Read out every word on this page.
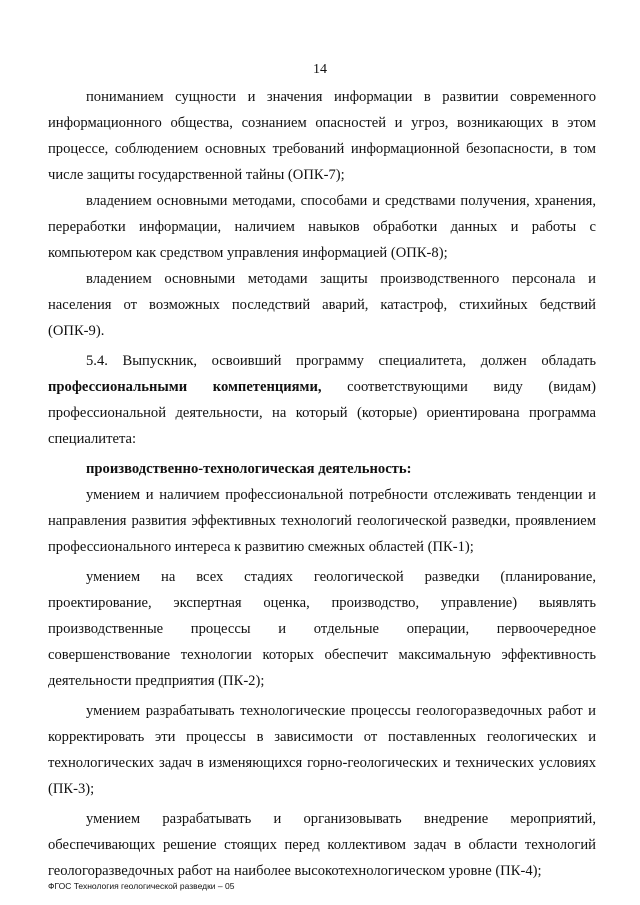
14

пониманием сущности и значения информации в развитии современного информационного общества, сознанием опасностей и угроз, возникающих в этом процессе, соблюдением основных требований информационной безопасности, в том числе защиты государственной тайны (ОПК-7);

владением основными методами, способами и средствами получения, хранения, переработки информации, наличием навыков обработки данных и работы с компьютером как средством управления информацией (ОПК-8);

владением основными методами защиты производственного персонала и населения от возможных последствий аварий, катастроф, стихийных бедствий (ОПК-9).

5.4. Выпускник, освоивший программу специалитета, должен обладать профессиональными компетенциями, соответствующими виду (видам) профессиональной деятельности, на который (которые) ориентирована программа специалитета:

производственно-технологическая деятельность:

умением и наличием профессиональной потребности отслеживать тенденции и направления развития эффективных технологий геологической разведки, проявлением профессионального интереса к развитию смежных областей (ПК-1);

умением на всех стадиях геологической разведки (планирование, проектирование, экспертная оценка, производство, управление) выявлять производственные процессы и отдельные операции, первоочередное совершенствование технологии которых обеспечит максимальную эффективность деятельности предприятия (ПК-2);

умением разрабатывать технологические процессы геологоразведочных работ и корректировать эти процессы в зависимости от поставленных геологических и технологических задач в изменяющихся горно-геологических и технических условиях (ПК-3);

умением разрабатывать и организовывать внедрение мероприятий, обеспечивающих решение стоящих перед коллективом задач в области технологий геологоразведочных работ на наиболее высокотехнологическом уровне (ПК-4);

ФГОС Технология геологической разведки – 05
